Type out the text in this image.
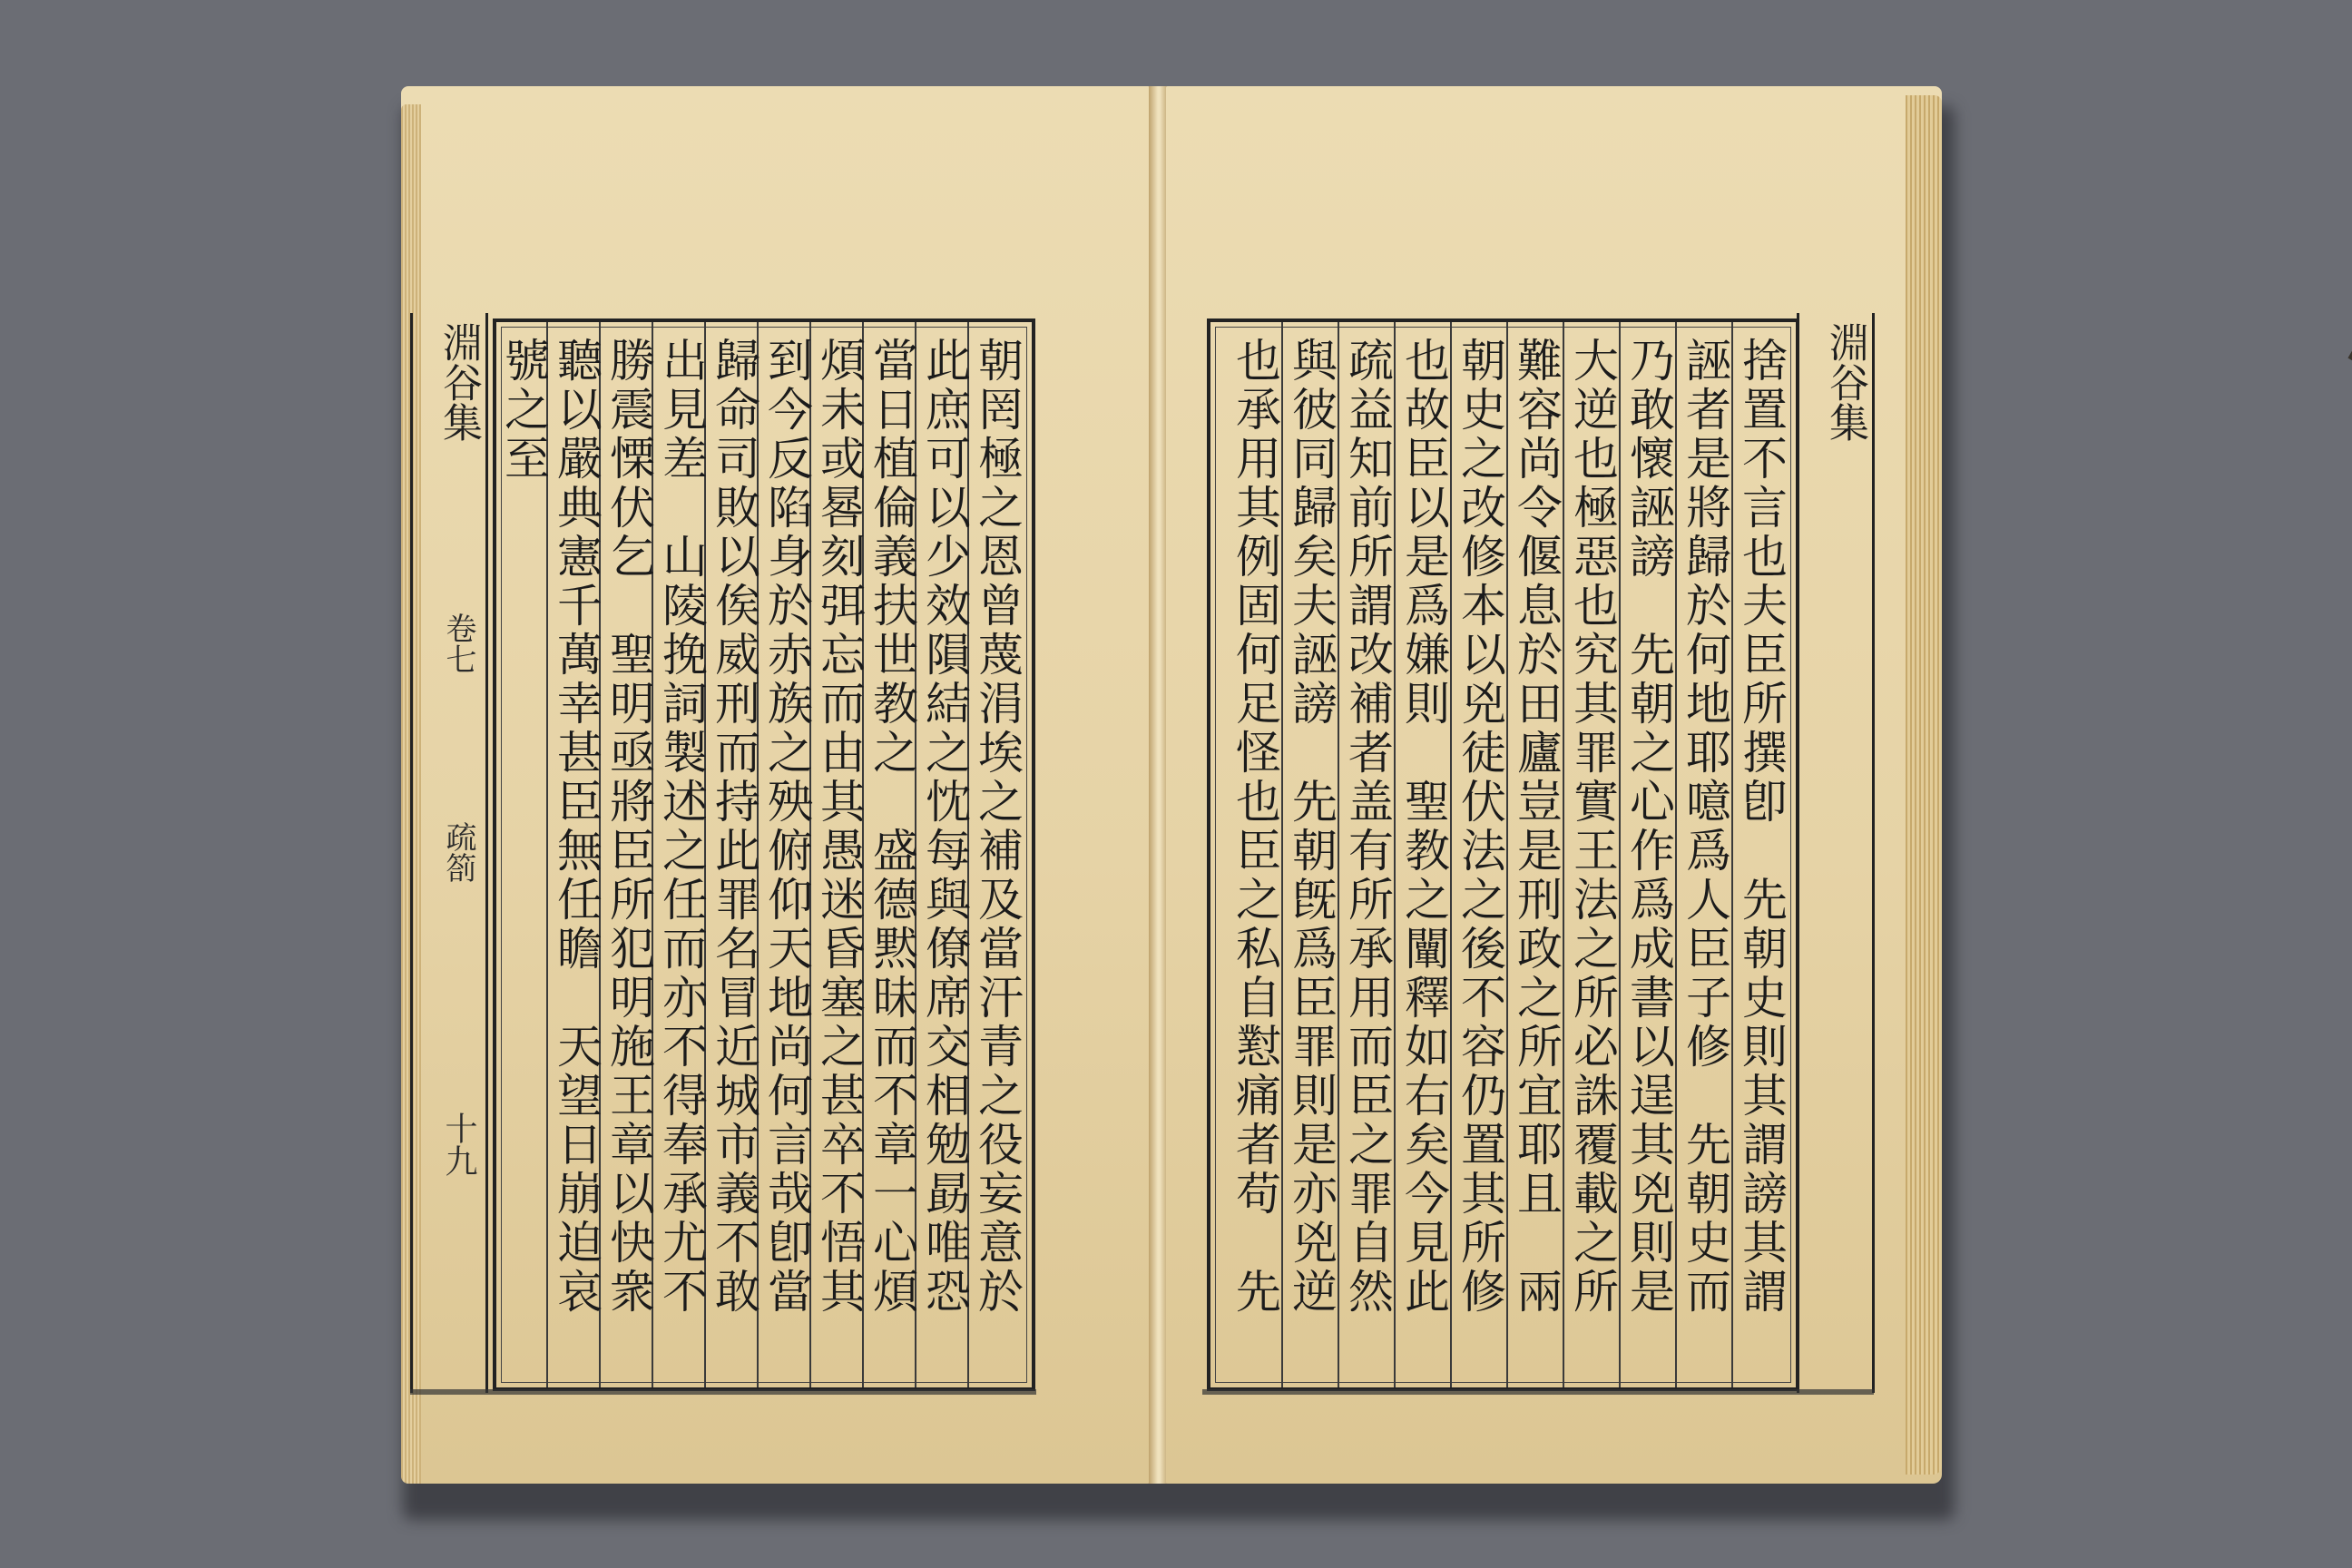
淵谷集
卷七
疏箚
十九	朝罔極之恩曾蔑涓埃之補及當汗青之役妄意於
此庶可以少效隕結之忱每與僚席交相勉勗唯恐
當日植倫義扶世教之　盛德黙昧而不章一心煩
煩未或晷刻弭忘而由其愚迷昏塞之甚卒不悟其
到今反陷身於赤族之殃俯仰天地尚何言哉卽當
歸命司敗以俟威刑而持此罪名冒近城市義不敢
出見差　山陵挽詞製述之任而亦不得奉承尤不
勝震慄伏乞　聖明亟將臣所犯明施王章以快衆
聽以嚴典憲千萬幸甚臣無任瞻　天望日崩迫哀
號之至	捨置不言也夫臣所撰卽　先朝史則其謂謗其謂
誣者是將歸於何地耶噫爲人臣子修　先朝史而
乃敢懷誣謗　先朝之心作爲成書以逞其兇則是
大逆也極惡也究其罪實王法之所必誅覆載之所
難容尚令偃息於田廬豈是刑政之所宜耶且　兩
朝史之改修本以兇徒伏法之後不容仍置其所修
也故臣以是爲嫌則　聖教之闡釋如右矣今見此
疏益知前所謂改補者盖有所承用而臣之罪自然
與彼同歸矣夫誣謗　先朝旣爲臣罪則是亦兇逆
也承用其例固何足怪也臣之私自懟痛者苟　先	淵谷集
